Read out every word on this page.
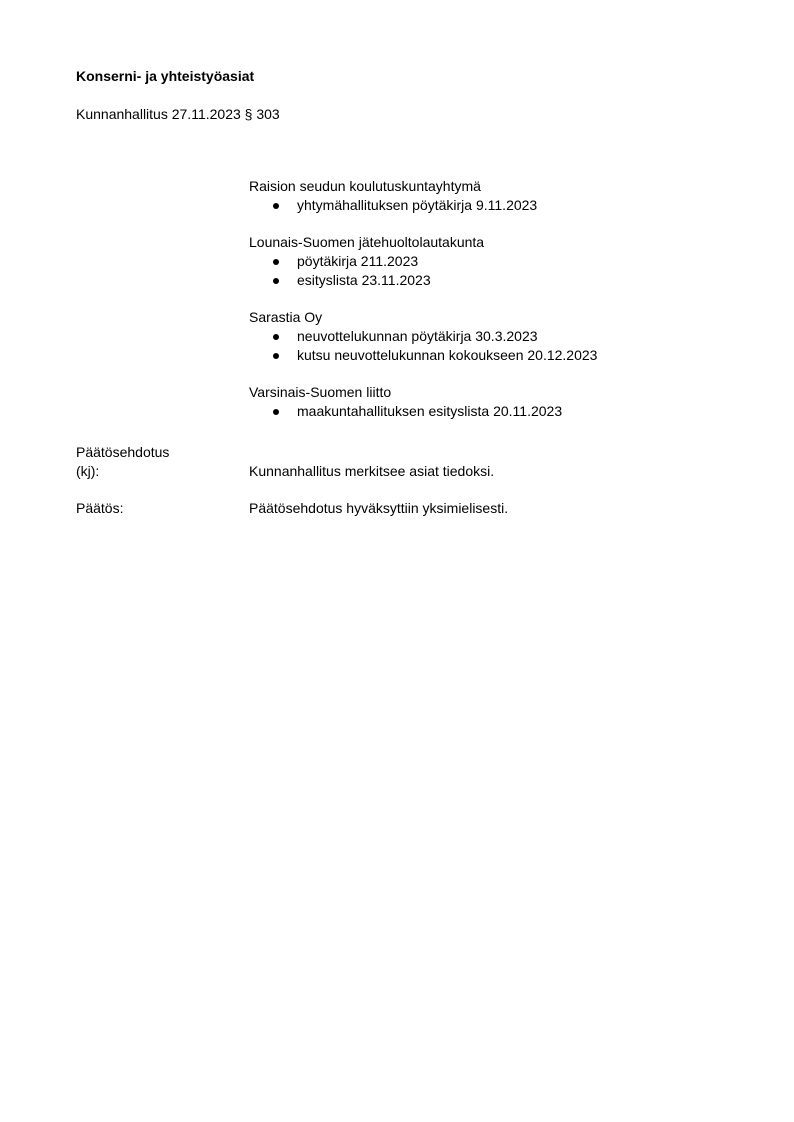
Konserni- ja yhteistyöasiat
Kunnanhallitus 27.11.2023 § 303
Raision seudun koulutuskuntayhtymä
yhtymähallituksen pöytäkirja 9.11.2023
Lounais-Suomen jätehuoltolautakunta
pöytäkirja 211.2023
esityslista 23.11.2023
Sarastia Oy
neuvottelukunnan pöytäkirja 30.3.2023
kutsu neuvottelukunnan kokoukseen 20.12.2023
Varsinais-Suomen liitto
maakuntahallituksen esityslista 20.11.2023
Päätösehdotus
(kj):	Kunnanhallitus merkitsee asiat tiedoksi.
Päätös:	Päätösehdotus hyväksyttiin yksimielisesti.
